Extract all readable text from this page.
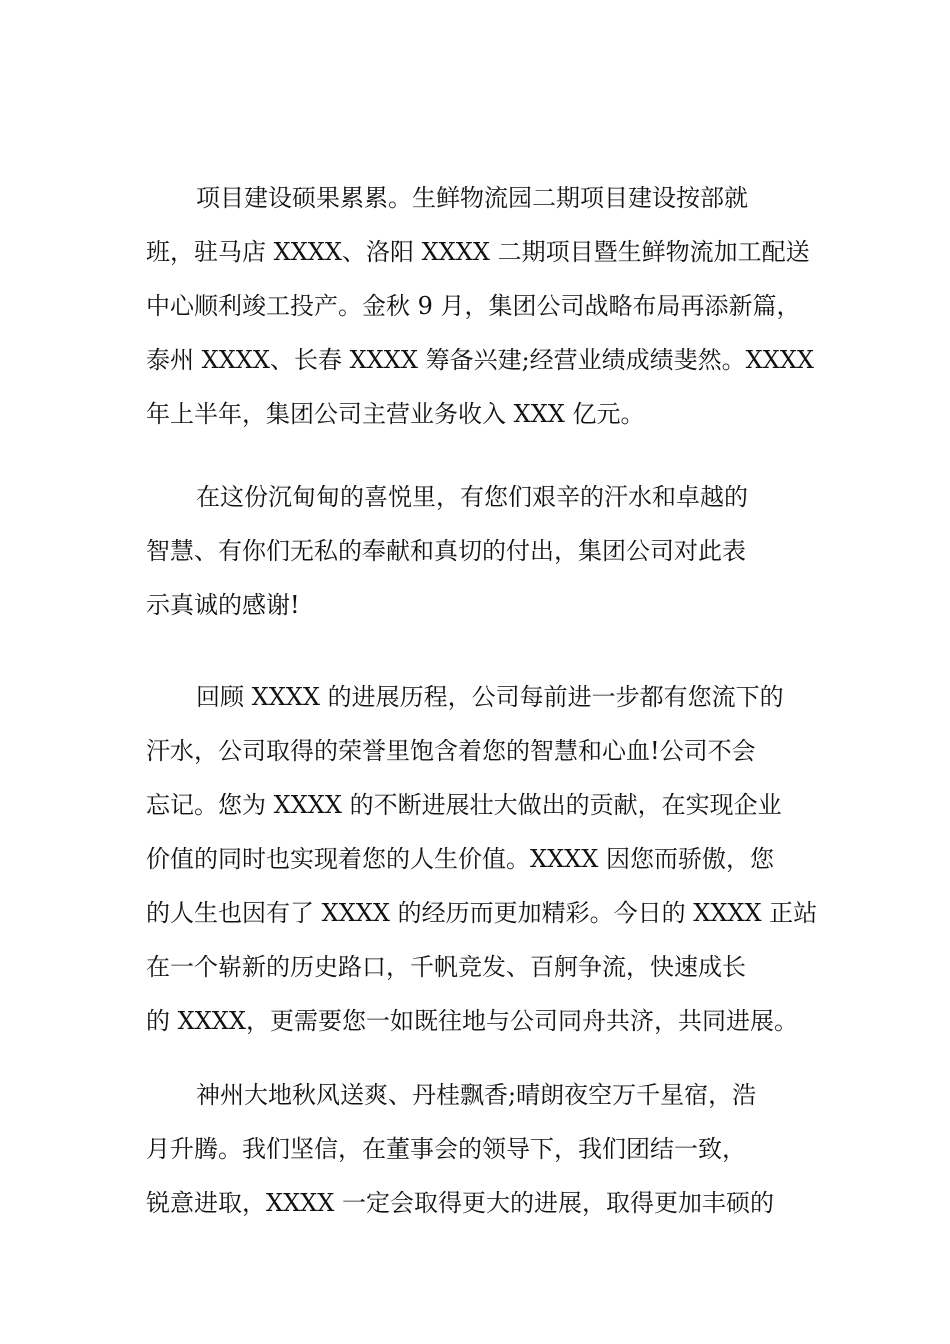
项目建设硕果累累。生鲜物流园二期项目建设按部就
班，驻马店 XXXX、洛阳 XXXX 二期项目暨生鲜物流加工配送
中心顺利竣工投产。金秋 9 月，集团公司战略布局再添新篇，
泰州 XXXX、长春 XXXX 筹备兴建;经营业绩成绩斐然。XXXX
年上半年，集团公司主营业务收入 XXX 亿元。
在这份沉甸甸的喜悦里，有您们艰辛的汗水和卓越的
智慧、有你们无私的奉献和真切的付出，集团公司对此表
示真诚的感谢!
回顾 XXXX 的进展历程，公司每前进一步都有您流下的
汗水，公司取得的荣誉里饱含着您的智慧和心血!公司不会
忘记。您为 XXXX 的不断进展壮大做出的贡献，在实现企业
价值的同时也实现着您的人生价值。XXXX 因您而骄傲，您
的人生也因有了 XXXX 的经历而更加精彩。今日的 XXXX 正站
在一个崭新的历史路口，千帆竞发、百舸争流，快速成长
的 XXXX，更需要您一如既往地与公司同舟共济，共同进展。
神州大地秋风送爽、丹桂飘香;晴朗夜空万千星宿，浩
月升腾。我们坚信，在董事会的领导下，我们团结一致，
锐意进取，XXXX 一定会取得更大的进展，取得更加丰硕的
